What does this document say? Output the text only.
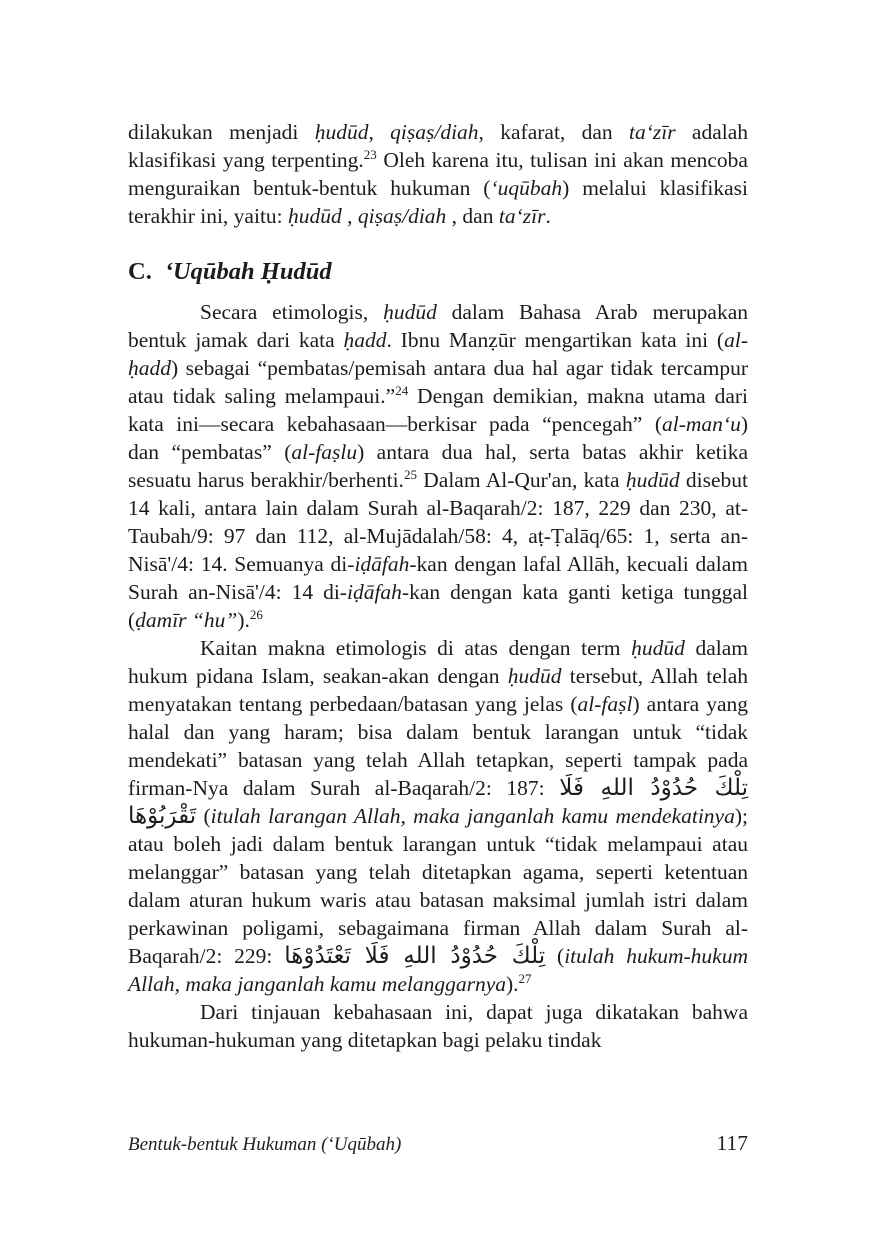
dilakukan menjadi ḥudūd, qiṣaṣ/diah, kafarat, dan ta‘zīr adalah klasifikasi yang terpenting.$^{23}$ Oleh karena itu, tulisan ini akan mencoba menguraikan bentuk-bentuk hukuman (‘uqūbah) melalui klasifikasi terakhir ini, yaitu: ḥudūd , qiṣaṣ/diah , dan ta‘zīr.

C. ‘Uqūbah Ḥudūd

Secara etimologis, ḥudūd dalam Bahasa Arab merupakan bentuk jamak dari kata ḥadd. Ibnu Manẓūr mengartikan kata ini (al-ḥadd) sebagai “pembatas/pemisah antara dua hal agar tidak tercampur atau tidak saling melampaui.”$^{24}$ Dengan demikian, makna utama dari kata ini—secara kebahasaan—berkisar pada “pencegah” (al-man‘u) dan “pembatas” (al-faṣlu) antara dua hal, serta batas akhir ketika sesuatu harus berakhir/berhenti.$^{25}$ Dalam Al-Qur'an, kata ḥudūd disebut 14 kali, antara lain dalam Surah al-Baqarah/2: 187, 229 dan 230, at-Taubah/9: 97 dan 112, al-Mujādalah/58: 4, aṭ-Ṭalāq/65: 1, serta an-Nisā'/4: 14. Semuanya di-iḍāfah-kan dengan lafal Allāh, kecuali dalam Surah an-Nisā'/4: 14 di-iḍāfah-kan dengan kata ganti ketiga tunggal (ḍamīr “hu”).$^{26}$

Kaitan makna etimologis di atas dengan term ḥudūd dalam hukum pidana Islam, seakan-akan dengan ḥudūd tersebut, Allah telah menyatakan tentang perbedaan/batasan yang jelas (al-faṣl) antara yang halal dan yang haram; bisa dalam bentuk larangan untuk “tidak mendekati” batasan yang telah Allah tetapkan, seperti tampak pada firman-Nya dalam Surah al-Baqarah/2: 187: تِلْكَ حُدُوْدُ اللهِ فَلَا تَقْرَبُوْهَا (itulah larangan Allah, maka janganlah kamu mendekatinya); atau boleh jadi dalam bentuk larangan untuk “tidak melampaui atau melanggar” batasan yang telah ditetapkan agama, seperti ketentuan dalam aturan hukum waris atau batasan maksimal jumlah istri dalam perkawinan poligami, sebagaimana firman Allah dalam Surah al-Baqarah/2: 229: تِلْكَ حُدُوْدُ اللهِ فَلَا تَعْتَدُوْهَا (itulah hukum-hukum Allah, maka janganlah kamu melanggarnya).$^{27}$

Dari tinjauan kebahasaan ini, dapat juga dikatakan bahwa hukuman-hukuman yang ditetapkan bagi pelaku tindak

Bentuk-bentuk Hukuman (‘Uqūbah)	117
